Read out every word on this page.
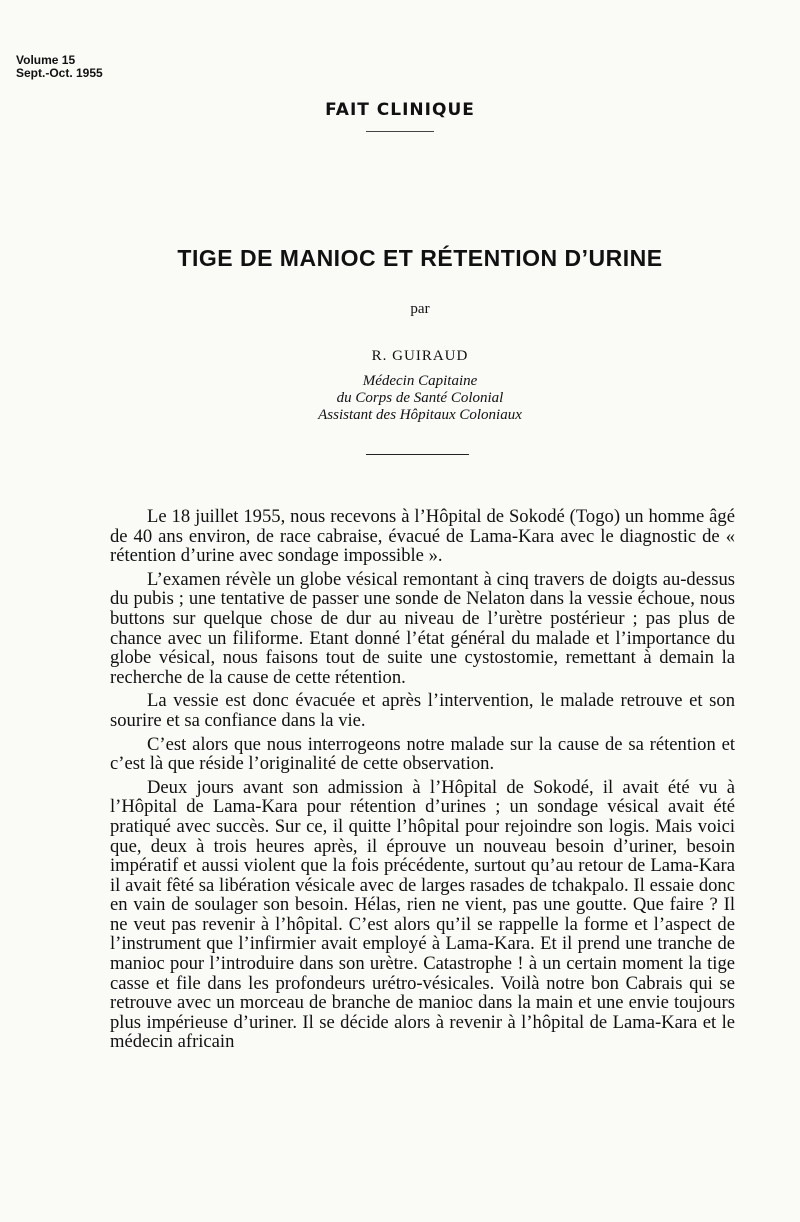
Volume 15
Sept.-Oct. 1955
FAIT CLINIQUE
TIGE DE MANIOC ET RÉTENTION D’URINE
par
R. GUIRAUD
Médecin Capitaine
du Corps de Santé Colonial
Assistant des Hôpitaux Coloniaux

Le 18 juillet 1955, nous recevons à l’Hôpital de Sokodé (Togo) un homme âgé de 40 ans environ, de race cabraise, évacué de Lama-Kara avec le diagnostic de « rétention d’urine avec sondage impossible ».

L’examen révèle un globe vésical remontant à cinq travers de doigts au-dessus du pubis ; une tentative de passer une sonde de Nelaton dans la vessie échoue, nous buttons sur quelque chose de dur au niveau de l’urètre postérieur ; pas plus de chance avec un filiforme. Etant donné l’état général du malade et l’importance du globe vésical, nous faisons tout de suite une cystostomie, remettant à demain la recherche de la cause de cette rétention.

La vessie est donc évacuée et après l’intervention, le malade retrouve et son sourire et sa confiance dans la vie.

C’est alors que nous interrogeons notre malade sur la cause de sa rétention et c’est là que réside l’originalité de cette observation.

Deux jours avant son admission à l’Hôpital de Sokodé, il avait été vu à l’Hôpital de Lama-Kara pour rétention d’urines ; un sondage vésical avait été pratiqué avec succès. Sur ce, il quitte l’hôpital pour rejoindre son logis. Mais voici que, deux à trois heures après, il éprouve un nouveau besoin d’uriner, besoin impératif et aussi violent que la fois précédente, surtout qu’au retour de Lama-Kara il avait fêté sa libération vésicale avec de larges rasades de tchakpalo. Il essaie donc en vain de soulager son besoin. Hélas, rien ne vient, pas une goutte. Que faire ? Il ne veut pas revenir à l’hôpital. C’est alors qu’il se rappelle la forme et l’aspect de l’instrument que l’infirmier avait employé à Lama-Kara. Et il prend une tranche de manioc pour l’introduire dans son urètre. Catastrophe ! à un certain moment la tige casse et file dans les profondeurs urétro-vésicales. Voilà notre bon Cabrais qui se retrouve avec un morceau de branche de manioc dans la main et une envie toujours plus impérieuse d’uriner. Il se décide alors à revenir à l’hôpital de Lama-Kara et le médecin africain
